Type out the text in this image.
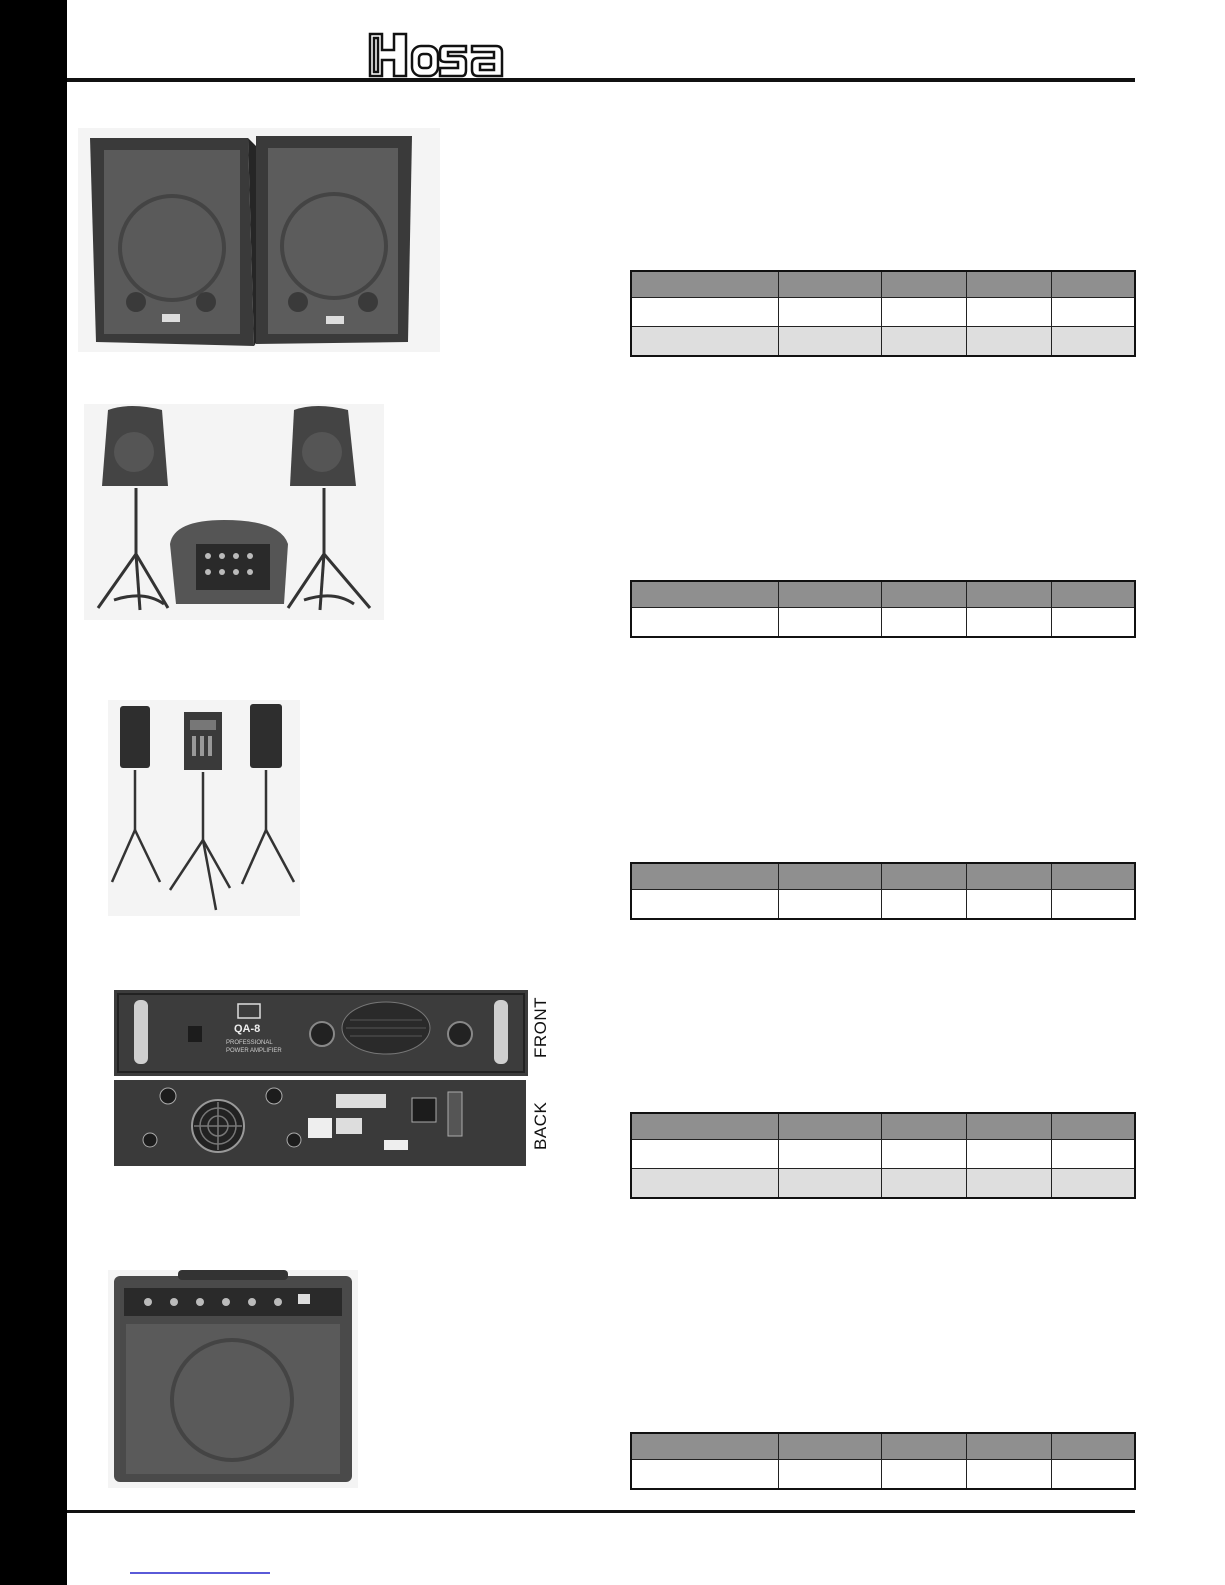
QA-8
PROFESSIONAL
POWER AMPLIFIER	FRONT
BACK
